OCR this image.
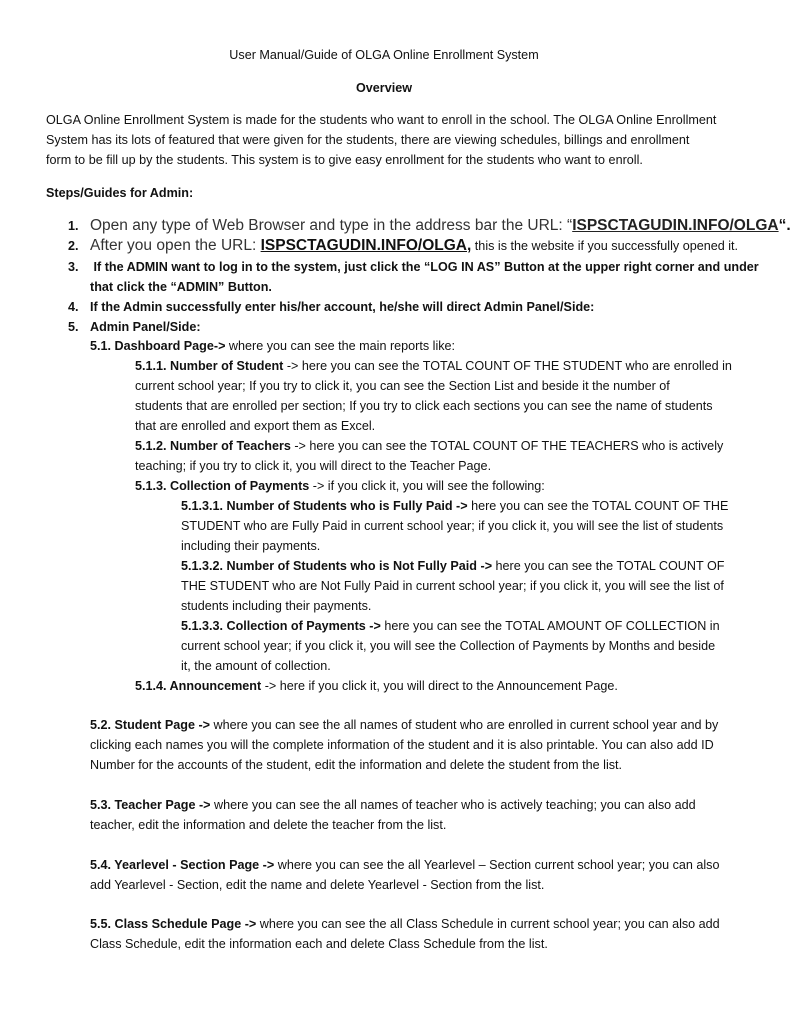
User Manual/Guide of OLGA Online Enrollment System
Overview
OLGA Online Enrollment System is made for the students who want to enroll in the school. The OLGA Online Enrollment
System has its lots of featured that were given for the students, there are viewing schedules, billings and enrollment
form to be fill up by the students. This system is to give easy enrollment for the students who want to enroll.
Steps/Guides for Admin:
1. Open any type of Web Browser and type in the address bar the URL: “ISPSCTAGUDIN.INFO/OLGA“.
2. After you open the URL: ISPSCTAGUDIN.INFO/OLGA, this is the website if you successfully opened it.
3. If the ADMIN want to log in to the system, just click the “LOG IN AS” Button at the upper right corner and under
that click the “ADMIN” Button.
4. If the Admin successfully enter his/her account, he/she will direct Admin Panel/Side:
5. Admin Panel/Side:
5.1. Dashboard Page-> where you can see the main reports like:
5.1.1. Number of Student -> here you can see the TOTAL COUNT OF THE STUDENT who are enrolled in
current school year; If you try to click it, you can see the Section List and beside it the number of
students that are enrolled per section; If you try to click each sections you can see the name of students
that are enrolled and export them as Excel.
5.1.2. Number of Teachers -> here you can see the TOTAL COUNT OF THE TEACHERS who is actively
teaching; if you try to click it, you will direct to the Teacher Page.
5.1.3. Collection of Payments -> if you click it, you will see the following:
5.1.3.1. Number of Students who is Fully Paid -> here you can see the TOTAL COUNT OF THE
STUDENT who are Fully Paid in current school year; if you click it, you will see the list of students
including their payments.
5.1.3.2. Number of Students who is Not Fully Paid -> here you can see the TOTAL COUNT OF
THE STUDENT who are Not Fully Paid in current school year; if you click it, you will see the list of
students including their payments.
5.1.3.3. Collection of Payments -> here you can see the TOTAL AMOUNT OF COLLECTION in
current school year; if you click it, you will see the Collection of Payments by Months and beside
it, the amount of collection.
5.1.4. Announcement -> here if you click it, you will direct to the Announcement Page.
5.2. Student Page -> where you can see the all names of student who are enrolled in current school year and by
clicking each names you will the complete information of the student and it is also printable. You can also add ID
Number for the accounts of the student, edit the information and delete the student from the list.
5.3. Teacher Page -> where you can see the all names of teacher who is actively teaching; you can also add
teacher, edit the information and delete the teacher from the list.
5.4. Yearlevel - Section Page -> where you can see the all Yearlevel – Section current school year; you can also
add Yearlevel - Section, edit the name and delete Yearlevel - Section from the list.
5.5. Class Schedule Page -> where you can see the all Class Schedule in current school year; you can also add
Class Schedule, edit the information each and delete Class Schedule from the list.
